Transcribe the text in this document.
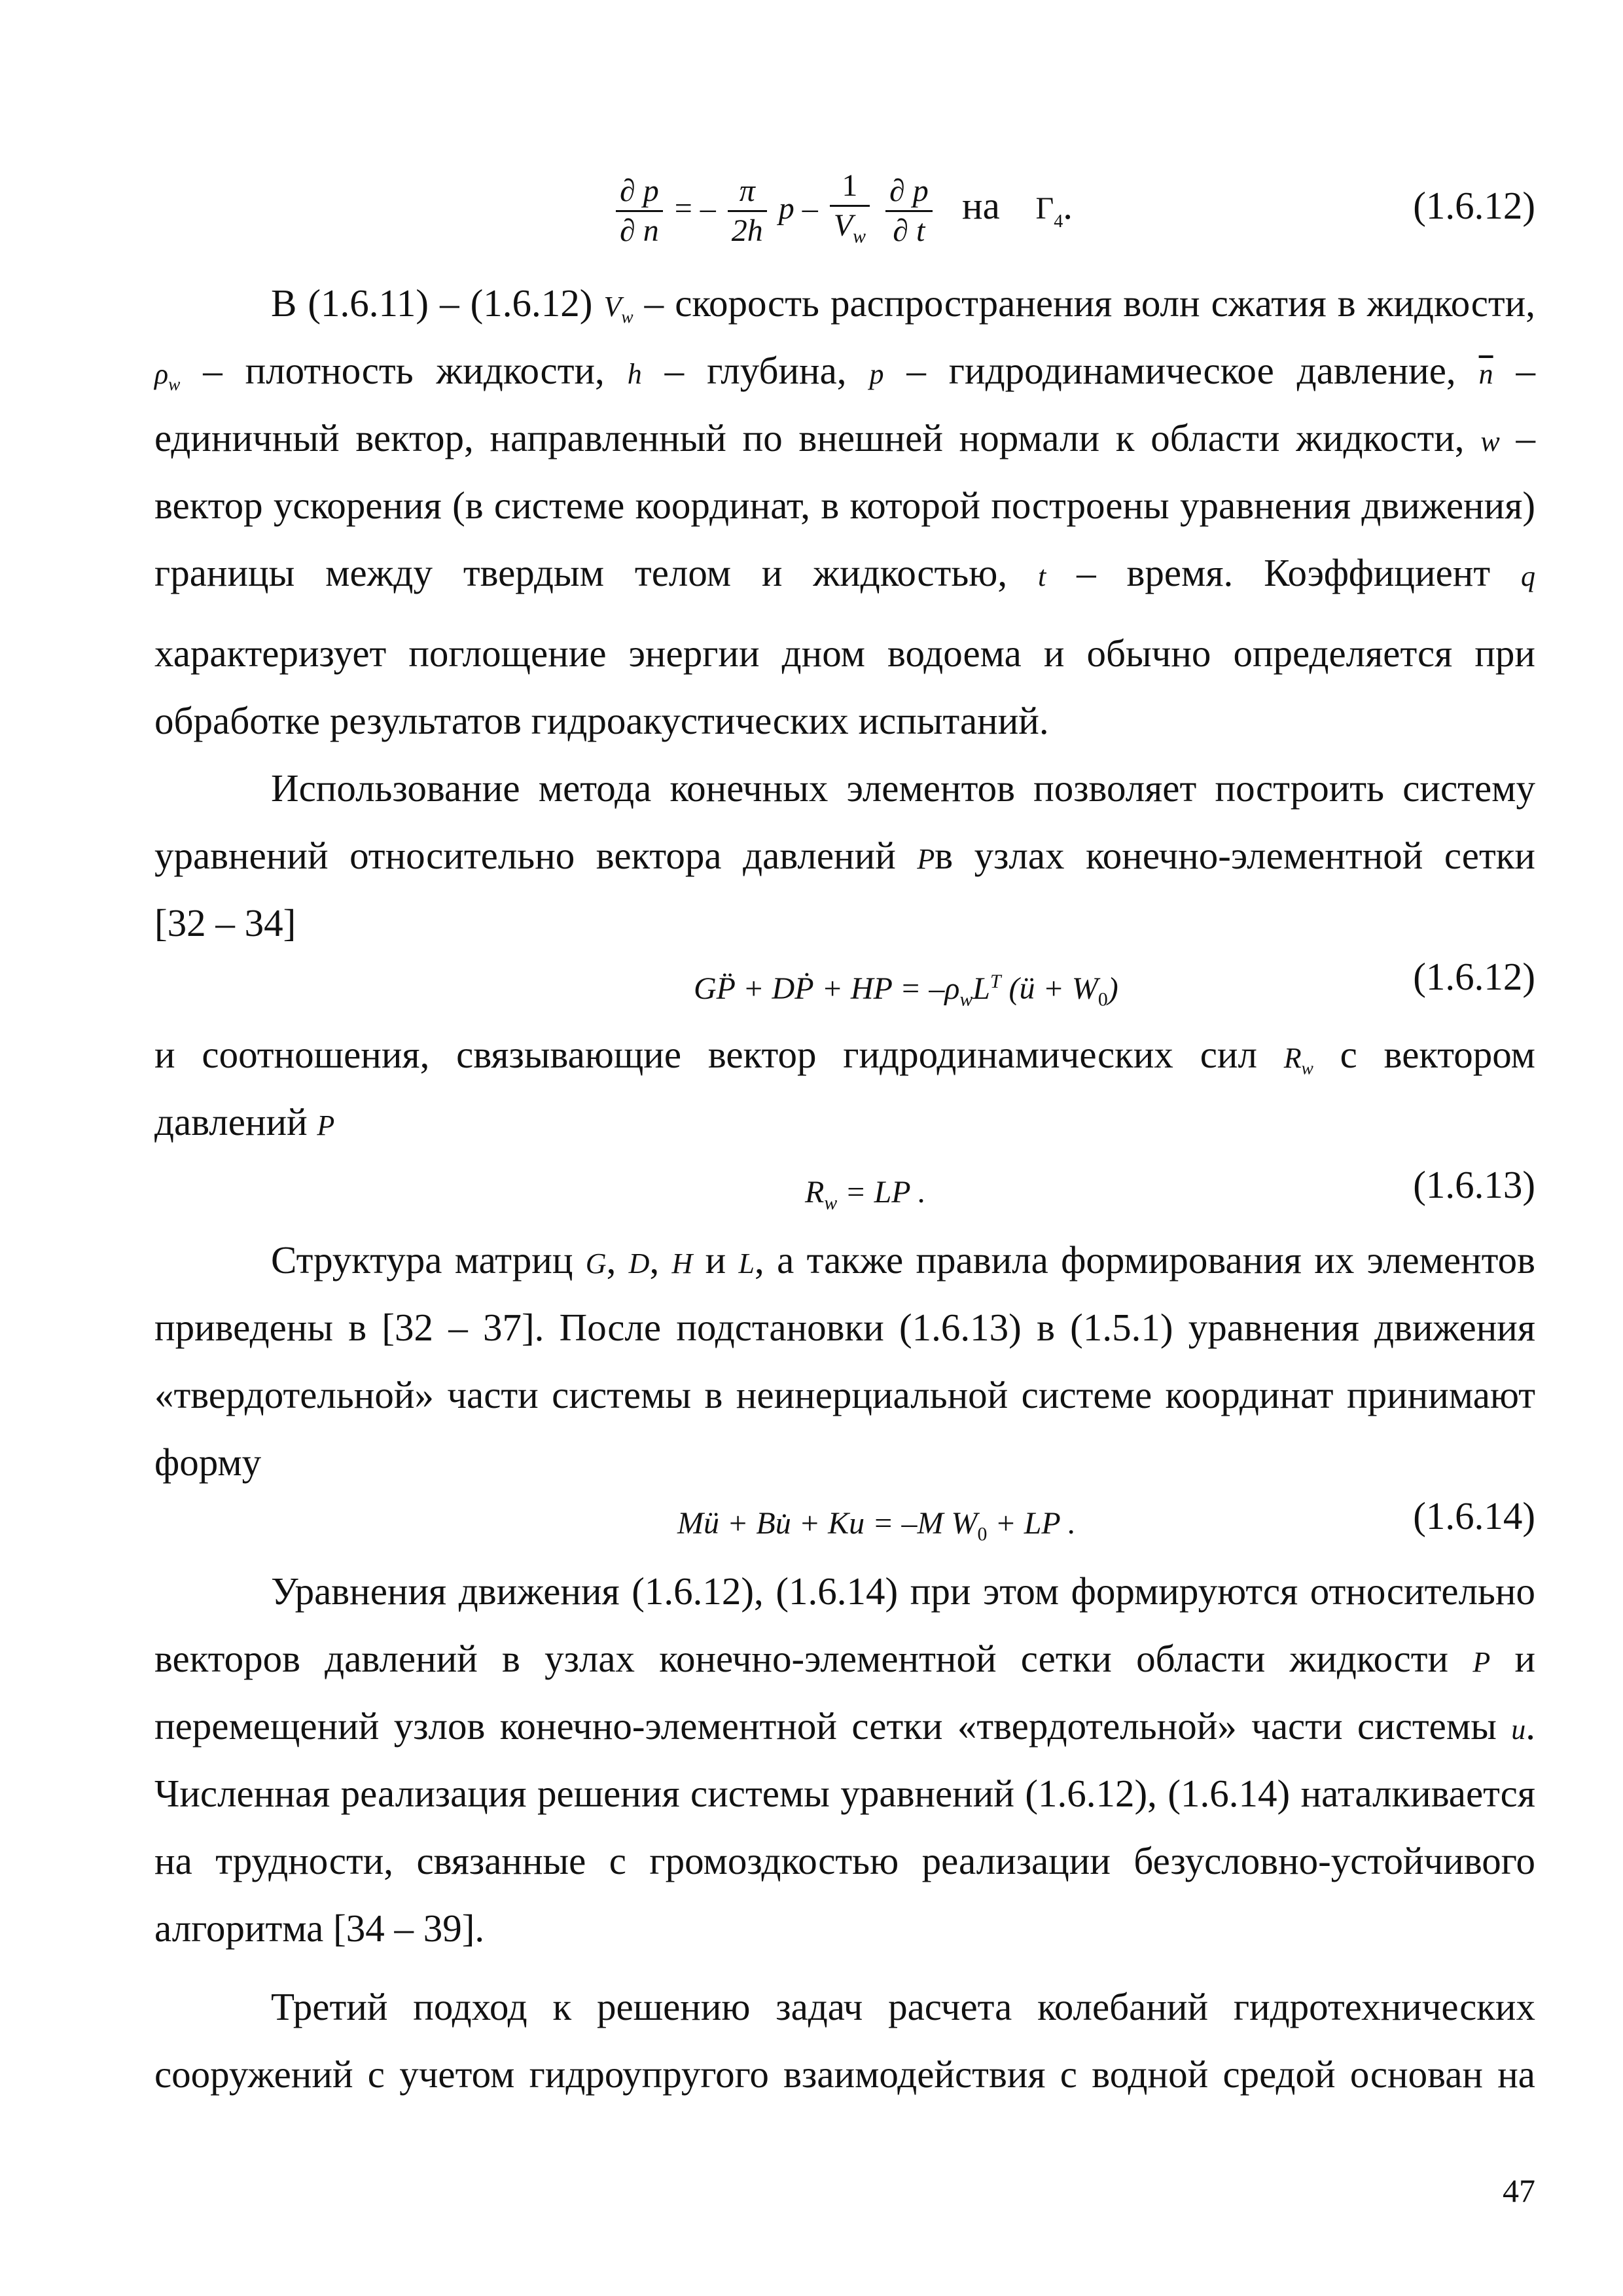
$\frac{\partial p}{\partial n}$ = – $\frac{\pi}{2h}$ p – $\frac{1}{V_w}$
$\frac{\partial p}{\partial t}$ на $\Gamma_4$.	(1.6.12)
В (1.6.11) – (1.6.12) $V_w$ – скорость распространения волн сжатия в жидкости,
$\rho_w$ – плотность жидкости, h – глубина, p – гидродинамическое давление, $\overline{n}$ –
единичный вектор, направленный по внешней нормали к области жидкости, w –
вектор ускорения (в системе координат, в которой построены уравнения движения)
границы между твердым телом и жидкостью, t – время. Коэффициент q
характеризует поглощение энергии дном водоема и обычно определяется при
обработке результатов гидроакустических испытаний.
Использование метода конечных элементов позволяет построить систему
уравнений относительно вектора давлений Pв узлах конечно-элементной сетки
[32 – 34]
GP̈ + DṖ + HP = $-\rho_wL^T$ (ü + $W_0$)	(1.6.12)
и соотношения, связывающие вектор гидродинамических сил $R_w$ с вектором
давлений P
$R_w$ = LP .	(1.6.13)
Структура матриц G, D, H и L, а также правила формирования их элементов
приведены в [32 – 37]. После подстановки (1.6.13) в (1.5.1) уравнения движения
«твердотельной» части системы в неинерциальной системе координат принимают
форму
Mü + Bu̇ + Ku = –M $W_0$ + LP .	(1.6.14)
Уравнения движения (1.6.12), (1.6.14) при этом формируются относительно
векторов давлений в узлах конечно-элементной сетки области жидкости P и
перемещений узлов конечно-элементной сетки «твердотельной» части системы u.
Численная реализация решения системы уравнений (1.6.12), (1.6.14) наталкивается
на трудности, связанные с громоздкостью реализации безусловно-устойчивого
алгоритма [34 – 39].
Третий подход к решению задач расчета колебаний гидротехнических
сооружений с учетом гидроупругого взаимодействия с водной средой основан на
47
